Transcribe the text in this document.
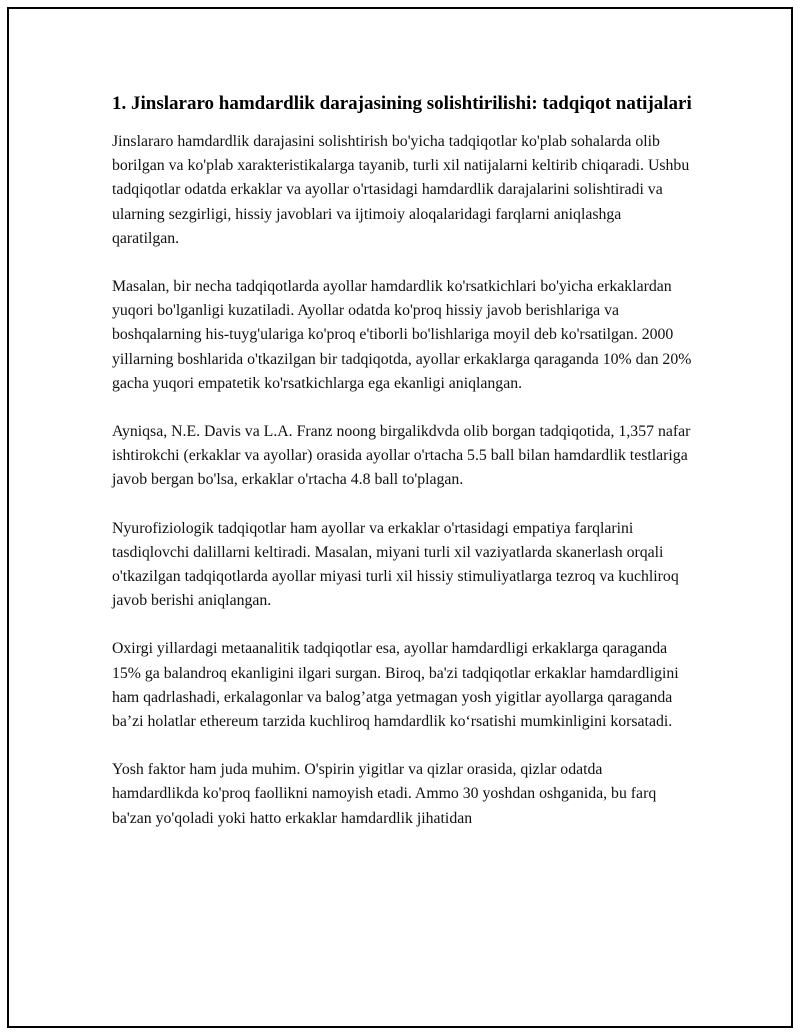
1. Jinslararo hamdardlik darajasining solishtirilishi: tadqiqot natijalari

Jinslararo hamdardlik darajasini solishtirish bo'yicha tadqiqotlar ko'plab sohalarda olib borilgan va ko'plab xarakteristikalarga tayanib, turli xil natijalarni keltirib chiqaradi. Ushbu tadqiqotlar odatda erkaklar va ayollar o'rtasidagi hamdardlik darajalarini solishtiradi va ularning sezgirligi, hissiy javoblari va ijtimoiy aloqalaridagi farqlarni aniqlashga qaratilgan.

Masalan, bir necha tadqiqotlarda ayollar hamdardlik ko'rsatkichlari bo'yicha erkaklardan yuqori bo'lganligi kuzatiladi. Ayollar odatda ko'proq hissiy javob berishlariga va boshqalarning his-tuyg'ulariga ko'proq e'tiborli bo'lishlariga moyil deb ko'rsatilgan. 2000 yillarning boshlarida o'tkazilgan bir tadqiqotda, ayollar erkaklarga qaraganda 10% dan 20% gacha yuqori empatetik ko'rsatkichlarga ega ekanligi aniqlangan.

Ayniqsa, N.E. Davis va L.A. Franz noong birgalikdvda olib borgan tadqiqotida, 1,357 nafar ishtirokchi (erkaklar va ayollar) orasida ayollar o'rtacha 5.5 ball bilan hamdardlik testlariga javob bergan bo'lsa, erkaklar o'rtacha 4.8 ball to'plagan.

Nyurofiziologik tadqiqotlar ham ayollar va erkaklar o'rtasidagi empatiya farqlarini tasdiqlovchi dalillarni keltiradi. Masalan, miyani turli xil vaziyatlarda skanerlash orqali o'tkazilgan tadqiqotlarda ayollar miyasi turli xil hissiy stimuliyatlarga tezroq va kuchliroq javob berishi aniqlangan.

Oxirgi yillardagi metaanalitik tadqiqotlar esa, ayollar hamdardligi erkaklarga qaraganda 15% ga balandroq ekanligini ilgari surgan. Biroq, ba'zi tadqiqotlar erkaklar hamdardligini ham qadrlashadi, erkalagonlar va balog’atga yetmagan yosh yigitlar ayollarga qaraganda ba’zi holatlar ethereum tarzida kuchliroq hamdardlik ko‘rsatishi mumkinligini korsatadi.

Yosh faktor ham juda muhim. O'spirin yigitlar va qizlar orasida, qizlar odatda hamdardlikda ko'proq faollikni namoyish etadi. Ammo 30 yoshdan oshganida, bu farq ba'zan yo'qoladi yoki hatto erkaklar hamdardlik jihatidan
